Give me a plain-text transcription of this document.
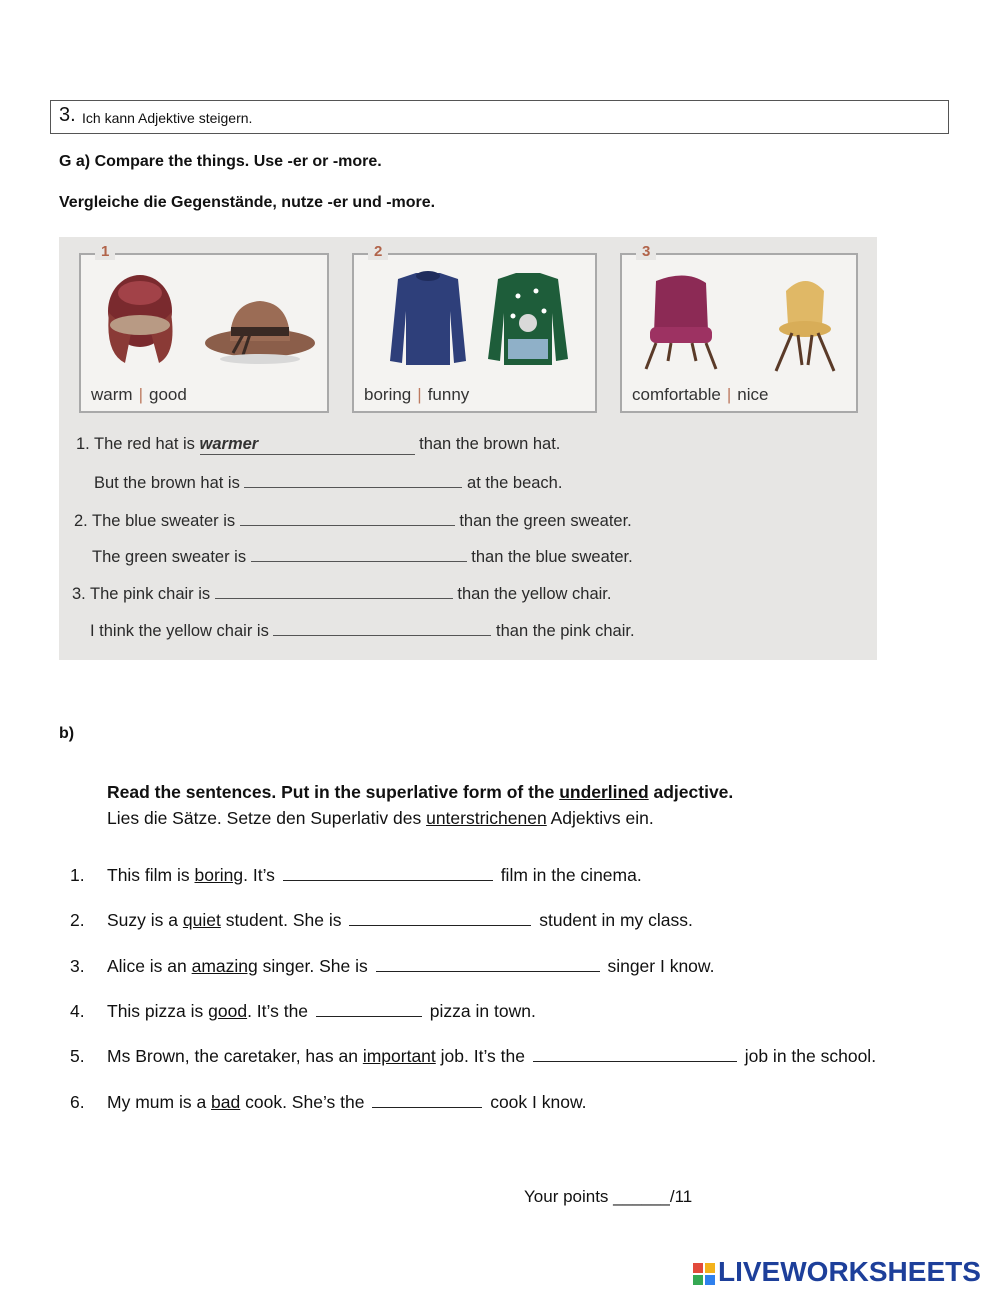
3. Ich kann Adjektive steigern.
G a) Compare the things. Use -er or -more.
Vergleiche die Gegenstände, nutze -er und -more.
1
warm | good
2
boring | funny
3
comfortable | nice
1. The red hat is warmer	than the brown hat.
But the brown hat is	at the beach.
2. The blue sweater is	than the green sweater.
The green sweater is	than the blue sweater.
3. The pink chair is	than the yellow chair.
I think the yellow chair is	than the pink chair.
b)
Read the sentences. Put in the superlative form of the underlined adjective.
Lies die Sätze. Setze den Superlativ des unterstrichenen Adjektivs ein.
1. This film is boring. It’s	film in the cinema.
2. Suzy is a quiet student. She is	student in my class.
3. Alice is an amazing singer. She is	singer I know.
4. This pizza is good. It’s the	pizza in town.
5. Ms Brown, the caretaker, has an important job. It’s the	job in the school.
6. My mum is a bad cook. She’s the	cook I know.
Your points ______/11
LIVEWORKSHEETS
